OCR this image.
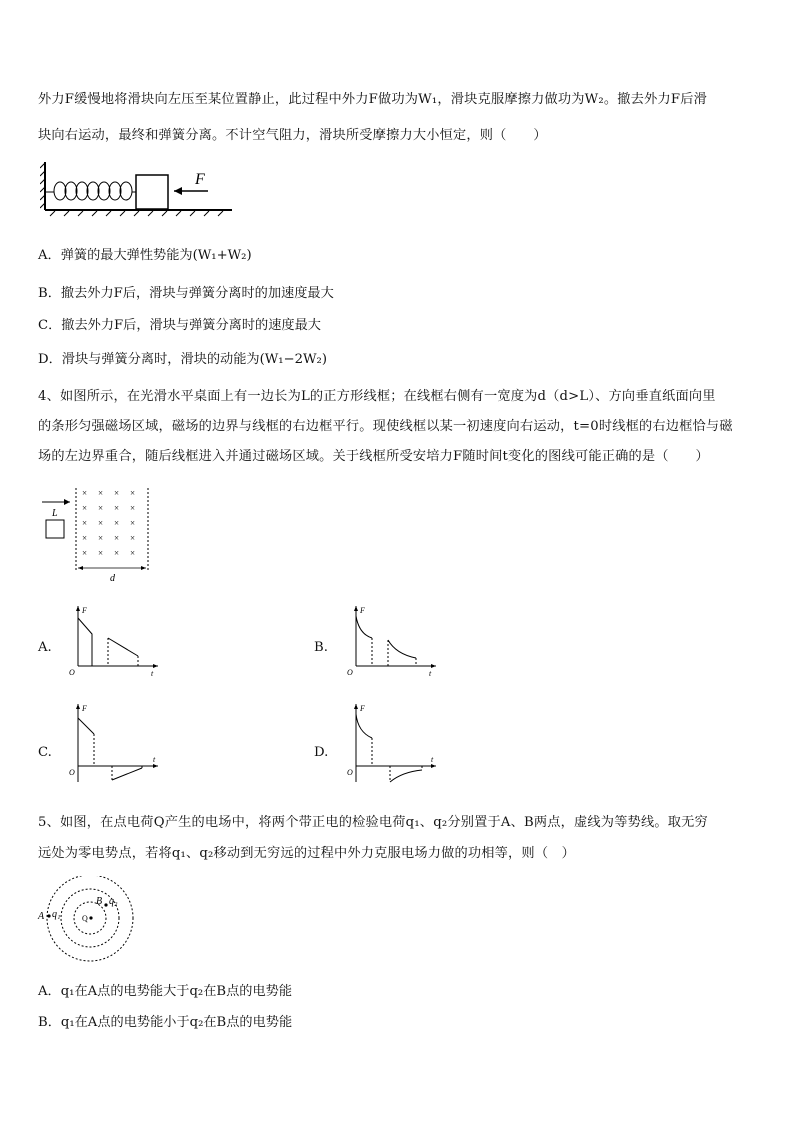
外力F缓慢地将滑块向左压至某位置静止，此过程中外力F做功为W₁，滑块克服摩擦力做功为W₂。撤去外力F后滑
块向右运动，最终和弹簧分离。不计空气阻力，滑块所受摩擦力大小恒定，则（　　）
F
A．弹簧的最大弹性势能为(W₁+W₂)
B．撤去外力F后，滑块与弹簧分离时的加速度最大
C．撤去外力F后，滑块与弹簧分离时的速度最大
D．滑块与弹簧分离时，滑块的动能为(W₁−2W₂)
4、如图所示，在光滑水平桌面上有一边长为L的正方形线框；在线框右侧有一宽度为d（d>L）、方向垂直纸面向里
的条形匀强磁场区域，磁场的边界与线框的右边框平行。现使线框以某一初速度向右运动，t=0时线框的右边框恰与磁
场的左边界重合，随后线框进入并通过磁场区域。关于线框所受安培力F随时间t变化的图线可能正确的是（　　）
L
× × × ×
× × × ×
× × × ×
× × × ×
× × × ×
d
A.
F
t
O
B.
F
t
O
C.
F
t
O
D.
F
t
O
5、如图，在点电荷Q产生的电场中，将两个带正电的检验电荷q₁、q₂分别置于A、B两点，虚线为等势线。取无穷
远处为零电势点，若将q₁、q₂移动到无穷远的过程中外力克服电场力做的功相等，则（　）
Q
A q₁
B q₂
A．q₁在A点的电势能大于q₂在B点的电势能
B．q₁在A点的电势能小于q₂在B点的电势能
